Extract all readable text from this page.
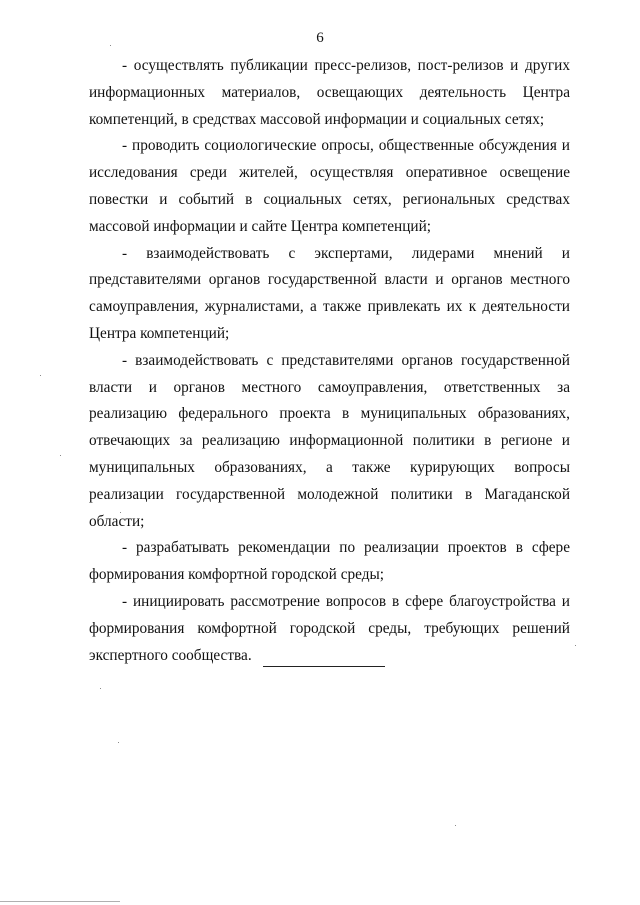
6

- осуществлять публикации пресс-релизов, пост-релизов и других информационных материалов, освещающих деятельность Центра компетенций, в средствах массовой информации и социальных сетях;

- проводить социологические опросы, общественные обсуждения и исследования среди жителей, осуществляя оперативное освещение повестки и событий в социальных сетях, региональных средствах массовой информации и сайте Центра компетенций;

- взаимодействовать с экспертами, лидерами мнений и представителями органов государственной власти и органов местного самоуправления, журналистами, а также привлекать их к деятельности Центра компетенций;

- взаимодействовать с представителями органов государственной власти и органов местного самоуправления, ответственных за реализацию федерального проекта в муниципальных образованиях, отвечающих за реализацию информационной политики в регионе и муниципальных образованиях, а также курирующих вопросы реализации государственной молодежной политики в Магаданской области;

- разрабатывать рекомендации по реализации проектов в сфере формирования комфортной городской среды;

- инициировать рассмотрение вопросов в сфере благоустройства и формирования комфортной городской среды, требующих решений экспертного сообщества.
